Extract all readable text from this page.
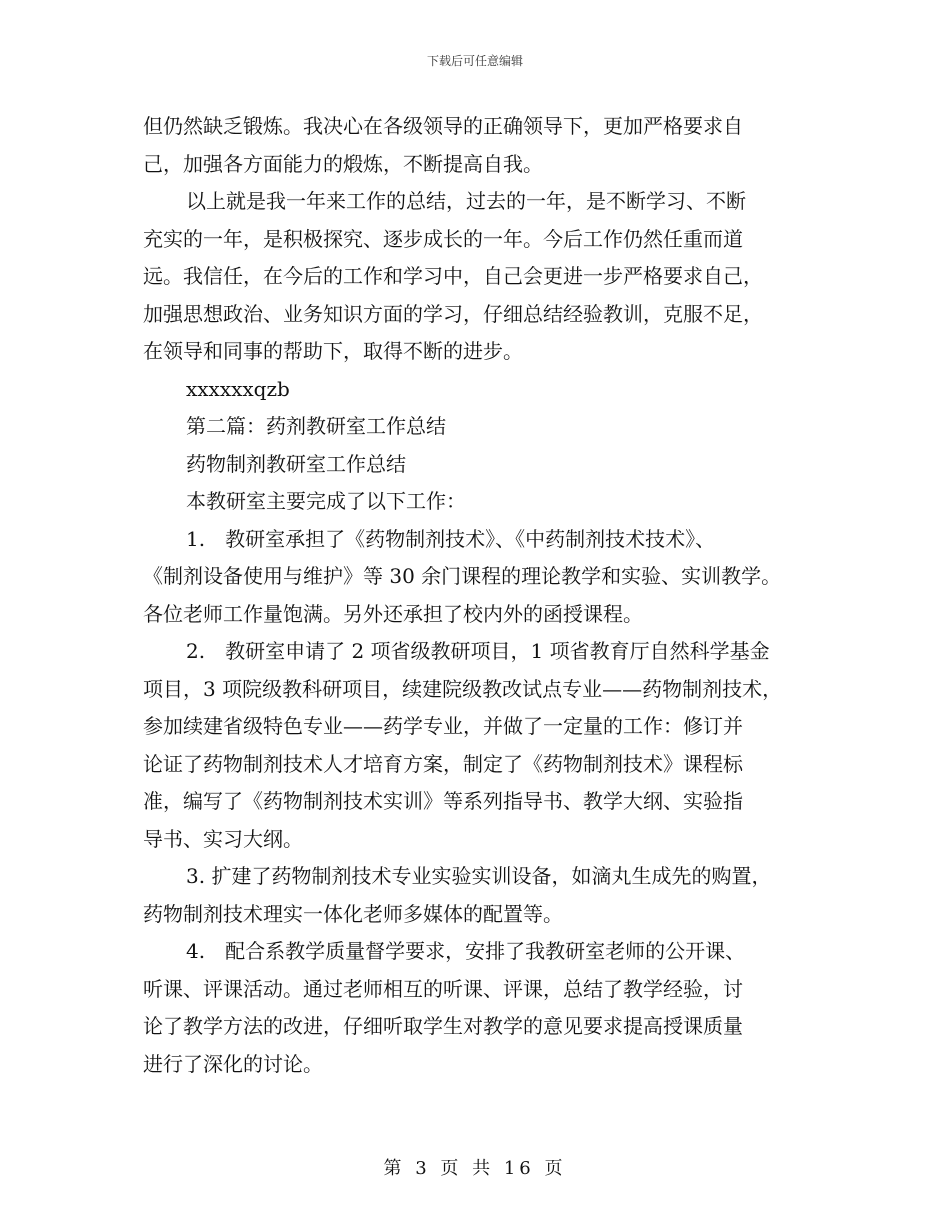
下载后可任意编辑
但仍然缺乏锻炼。我决心在各级领导的正确领导下，更加严格要求自
己，加强各方面能力的煅炼，不断提高自我。
以上就是我一年来工作的总结，过去的一年，是不断学习、不断
充实的一年，是积极探究、逐步成长的一年。今后工作仍然任重而道
远。我信任，在今后的工作和学习中，自己会更进一步严格要求自己，
加强思想政治、业务知识方面的学习，仔细总结经验教训，克服不足，
在领导和同事的帮助下，取得不断的进步。
xxxxxxqzb
第二篇：药剂教研室工作总结
药物制剂教研室工作总结
本教研室主要完成了以下工作：
1.　教研室承担了《药物制剂技术》、《中药制剂技术技术》、
《制剂设备使用与维护》等 30 余门课程的理论教学和实验、实训教学。
各位老师工作量饱满。另外还承担了校内外的函授课程。
2.　教研室申请了 2 项省级教研项目，1 项省教育厅自然科学基金
项目，3 项院级教科研项目，续建院级教改试点专业——药物制剂技术，
参加续建省级特色专业——药学专业，并做了一定量的工作：修订并
论证了药物制剂技术人才培育方案，制定了《药物制剂技术》课程标
准，编写了《药物制剂技术实训》等系列指导书、教学大纲、实验指
导书、实习大纲。
3. 扩建了药物制剂技术专业实验实训设备，如滴丸生成先的购置，
药物制剂技术理实一体化老师多媒体的配置等。
4.　配合系教学质量督学要求，安排了我教研室老师的公开课、
听课、评课活动。通过老师相互的听课、评课，总结了教学经验，讨
论了教学方法的改进，仔细听取学生对教学的意见要求提高授课质量
进行了深化的讨论。
第 3 页 共 16 页
